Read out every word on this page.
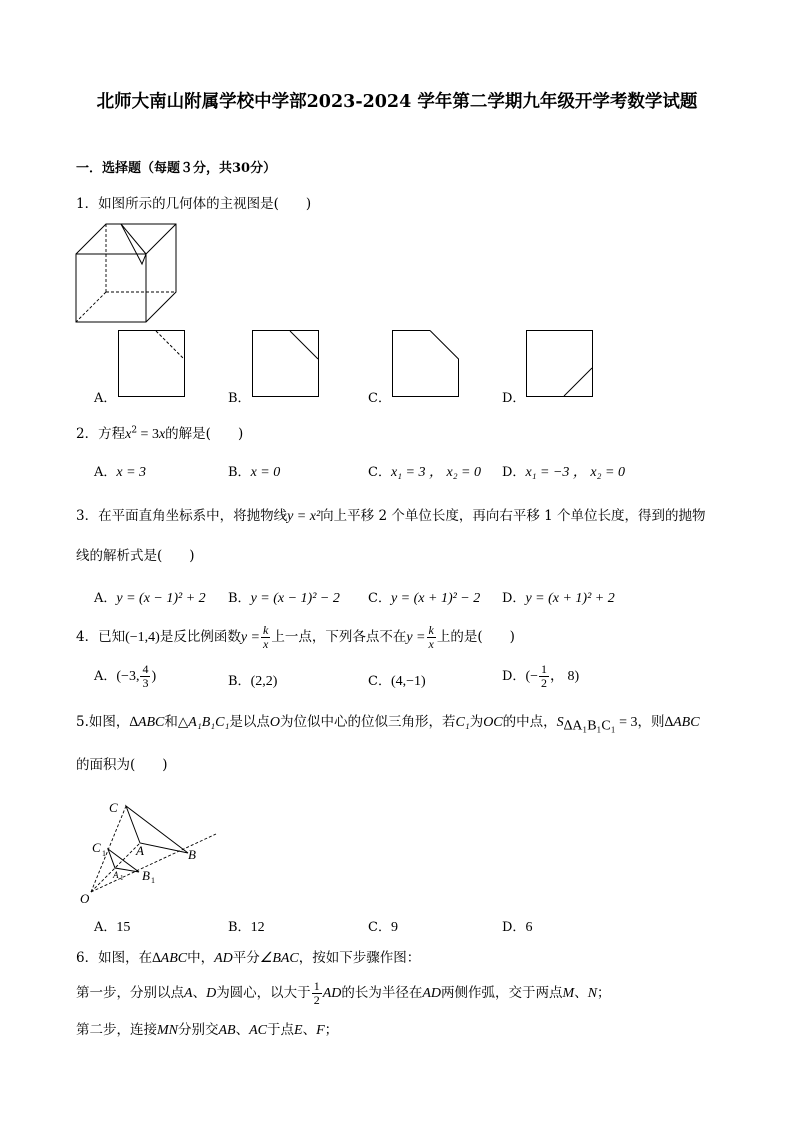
北师大南山附属学校中学部2023-2024 学年第二学期九年级开学考数学试题
一．选择题（每题３分，共30分）
1．如图所示的几何体的主视图是(　　)
A．	B．	C．	D．
2．方程$x^2 = 3x$的解是(　　)
A．x = 3	B．x = 0	C．x₁ = 3 ， x₂ = 0 D．x₁ = −3 ， x₂ = 0
3．在平面直角坐标系中，将抛物线y = x²向上平移 2 个单位长度，再向右平移 1 个单位长度，得到的抛物
线的解析式是(　　)
A．y = (x − 1)² + 2 B．y = (x − 1)² − 2 C．y = (x + 1)² − 2 D．y = (x + 1)² + 2
4．已知(−1,4)是反比例函数$y = \frac{k}{x}$ 上一点，下列各点不在$y = \frac{k}{x}$ 上的是(　　)
A．(−3, $\frac{4}{3}$ )	B．(2,2)	C．(4,−1)	D．(− $\frac{1}{2}$ ， 8)
5.如图，∆ABC和△A₁B₁C₁是以点O为位似中心的位似三角形，若C₁为OC的中点，$S_{\Delta A_1B_1C_1} = 3$，则∆ABC
的面积为(　　)
C
C 1 A
A 1
B
B 1
O
A．15	B．12	C．9	D．6
6．如图，在∆ABC中，AD平分∠BAC，按如下步骤作图：
第一步，分别以点A、D为圆心，以大于 $\frac{1}{2}$ AD的长为半径在AD两侧作弧，交于两点M、N；
第二步，连接MN分别交AB、AC于点E、F；
